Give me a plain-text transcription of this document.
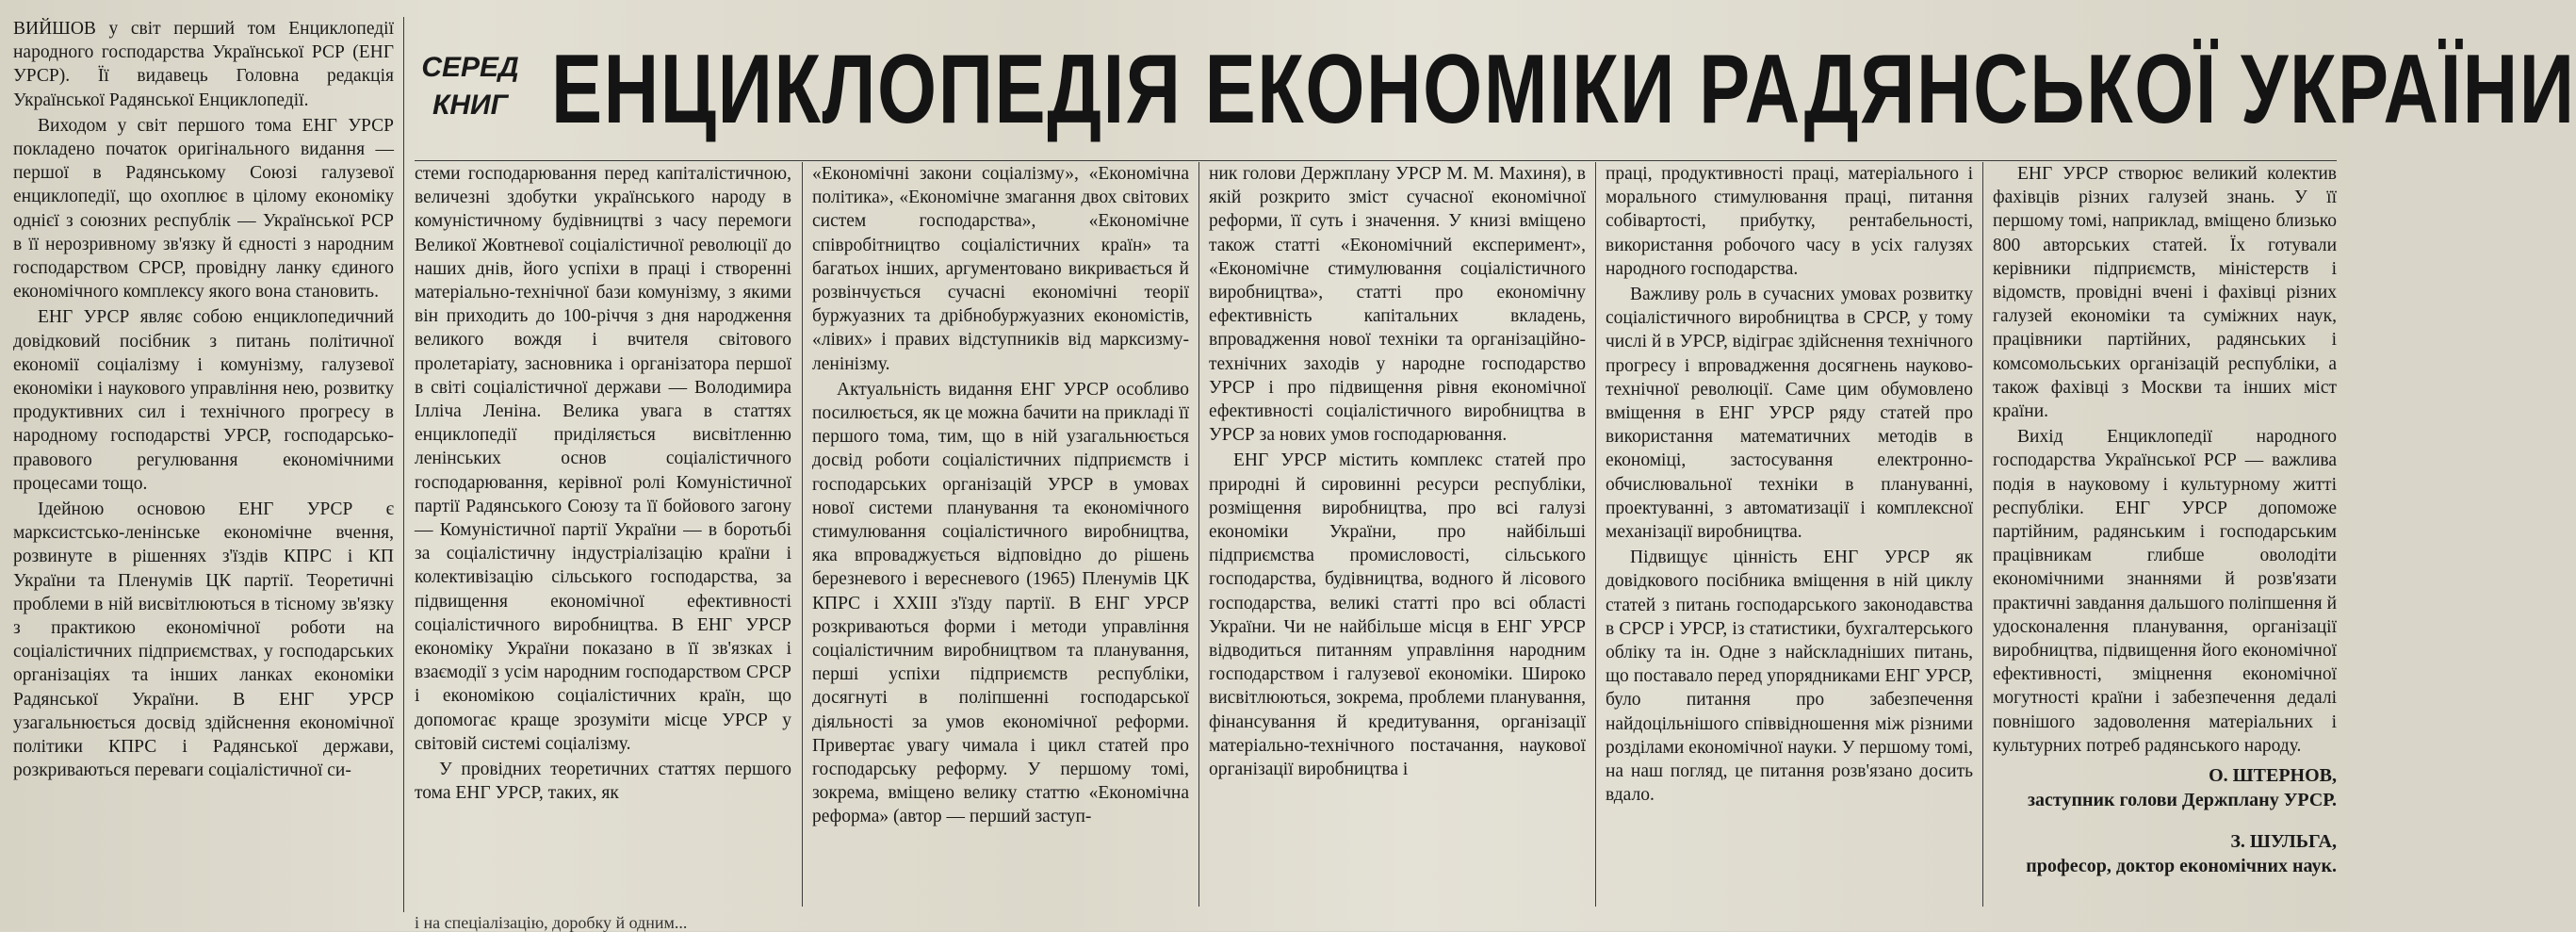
ВИЙШОВ у світ перший том Енциклопедії народного господарства Української РСР (ЕНГ УРСР). Її видавець Головна редакція Української Радянської Енциклопедії.

Виходом у світ першого тома ЕНГ УРСР покладено початок оригінального видання — першої в Радянському Союзі галузевої енциклопедії, що охоплює в цілому економіку однієї з союзних республік — Української РСР в її нерозривному зв'язку й єдності з народним господарством СРСР, провідну ланку єдиного економічного комплексу якого вона становить.

ЕНГ УРСР являє собою енциклопедичний довідковий посібник з питань політичної економії соціалізму і комунізму, галузевої економіки і наукового управління нею, розвитку продуктивних сил і технічного прогресу в народному господарстві УРСР, господарсько-правового регулювання економічними процесами тощо.

Ідейною основою ЕНГ УРСР є марксистсько-ленінське економічне вчення, розвинуте в рішеннях з'їздів КПРС і КП України та Пленумів ЦК партії. Теоретичні проблеми в ній висвітлюються в тісному зв'язку з практикою економічної роботи на соціалістичних підприємствах, у господарських організаціях та інших ланках економіки Радянської України. В ЕНГ УРСР узагальнюється досвід здійснення економічної політики КПРС і Радянської держави, розкриваються переваги соціалістичної си-

СЕРЕД
КНИГ ЕНЦИКЛОПЕДІЯ ЕКОНОМІКИ РАДЯНСЬКОЇ УКРАЇНИ

стеми господарювання перед капіталістичною, величезні здобутки українського народу в комуністичному будівництві з часу перемоги Великої Жовтневої соціалістичної революції до наших днів, його успіхи в праці і створенні матеріально-технічної бази комунізму, з якими він приходить до 100-річчя з дня народження великого вождя і вчителя світового пролетаріату, засновника і організатора першої в світі соціалістичної держави — Володимира Ілліча Леніна. Велика увага в статтях енциклопедії приділяється висвітленню ленінських основ соціалістичного господарювання, керівної ролі Комуністичної партії Радянського Союзу та її бойового загону — Комуністичної партії України — в боротьбі за соціалістичну індустріалізацію країни і колективізацію сільського господарства, за підвищення економічної ефективності соціалістичного виробництва. В ЕНГ УРСР економіку України показано в її зв'язках і взаємодії з усім народним господарством СРСР і економікою соціалістичних країн, що допомогає краще зрозуміти місце УРСР у світовій системі соціалізму.

У провідних теоретичних статтях першого тома ЕНГ УРСР, таких, як

«Економічні закони соціалізму», «Економічна політика», «Економічне змагання двох світових систем господарства», «Економічне співробітництво соціалістичних країн» та багатьох інших, аргументовано викривається й розвінчується сучасні економічні теорії буржуазних та дрібнобуржуазних економістів, «лівих» і правих відступників від марксизму-ленінізму.

Актуальність видання ЕНГ УРСР особливо посилюється, як це можна бачити на прикладі її першого тома, тим, що в ній узагальнюється досвід роботи соціалістичних підприємств і господарських організацій УРСР в умовах нової системи планування та економічного стимулювання соціалістичного виробництва, яка впроваджується відповідно до рішень березневого і вересневого (1965) Пленумів ЦК КПРС і XXIII з'їзду партії. В ЕНГ УРСР розкриваються форми і методи управління соціалістичним виробництвом та планування, перші успіхи підприємств республіки, досягнуті в поліпшенні господарської діяльності за умов економічної реформи. Привертає увагу чимала і цикл статей про господарську реформу. У першому томі, зокрема, вміщено велику статтю «Економічна реформа» (автор — перший заступ-

ник голови Держплану УРСР М. М. Махиня), в якій розкрито зміст сучасної економічної реформи, її суть і значення. У книзі вміщено також статті «Економічний експеримент», «Економічне стимулювання соціалістичного виробництва», статті про економічну ефективність капітальних вкладень, впровадження нової техніки та організаційно-технічних заходів у народне господарство УРСР і про підвищення рівня економічної ефективності соціалістичного виробництва в УРСР за нових умов господарювання.

ЕНГ УРСР містить комплекс статей про природні й сировинні ресурси республіки, розміщення виробництва, про всі галузі економіки України, про найбільші підприємства промисловості, сільського господарства, будівництва, водного й лісового господарства, великі статті про всі області України. Чи не найбільше місця в ЕНГ УРСР відводиться питанням управління народним господарством і галузевої економіки. Широко висвітлюються, зокрема, проблеми планування, фінансування й кредитування, організації матеріально-технічного постачання, наукової організації виробництва і

праці, продуктивності праці, матеріального і морального стимулювання праці, питання собівартості, прибутку, рентабельності, використання робочого часу в усіх галузях народного господарства.

Важливу роль в сучасних умовах розвитку соціалістичного виробництва в СРСР, у тому числі й в УРСР, відіграє здійснення технічного прогресу і впровадження досягнень науково-технічної революції. Саме цим обумовлено вміщення в ЕНГ УРСР ряду статей про використання математичних методів в економіці, застосування електронно-обчислювальної техніки в плануванні, проектуванні, з автоматизації і комплексної механізації виробництва.

Підвищує цінність ЕНГ УРСР як довідкового посібника вміщення в ній циклу статей з питань господарського законодавства в СРСР і УРСР, із статистики, бухгалтерського обліку та ін. Одне з найскладніших питань, що поставало перед упорядниками ЕНГ УРСР, було питання про забезпечення найдоцільнішого співвідношення між різними розділами економічної науки. У першому томі, на наш погляд, це питання розв'язано досить вдало.

ЕНГ УРСР створює великий колектив фахівців різних галузей знань. У її першому томі, наприклад, вміщено близько 800 авторських статей. Їх готували керівники підприємств, міністерств і відомств, провідні вчені і фахівці різних галузей економіки та суміжних наук, працівники партійних, радянських і комсомольських організацій республіки, а також фахівці з Москви та інших міст країни.

Вихід Енциклопедії народного господарства Української РСР — важлива подія в науковому і культурному житті республіки. ЕНГ УРСР допоможе партійним, радянським і господарським працівникам глибше оволодіти економічними знаннями й розв'язати практичні завдання дальшого поліпшення й удосконалення планування, організації виробництва, підвищення його економічної ефективності, зміцнення економічної могутності країни і забезпечення дедалі повнішого задоволення матеріальних і культурних потреб радянського народу.

О. ШТЕРНОВ,
заступник голови Держплану УРСР.
З. ШУЛЬГА,
професор, доктор економічних наук.
і на спеціалізацію, доробку й одним...
